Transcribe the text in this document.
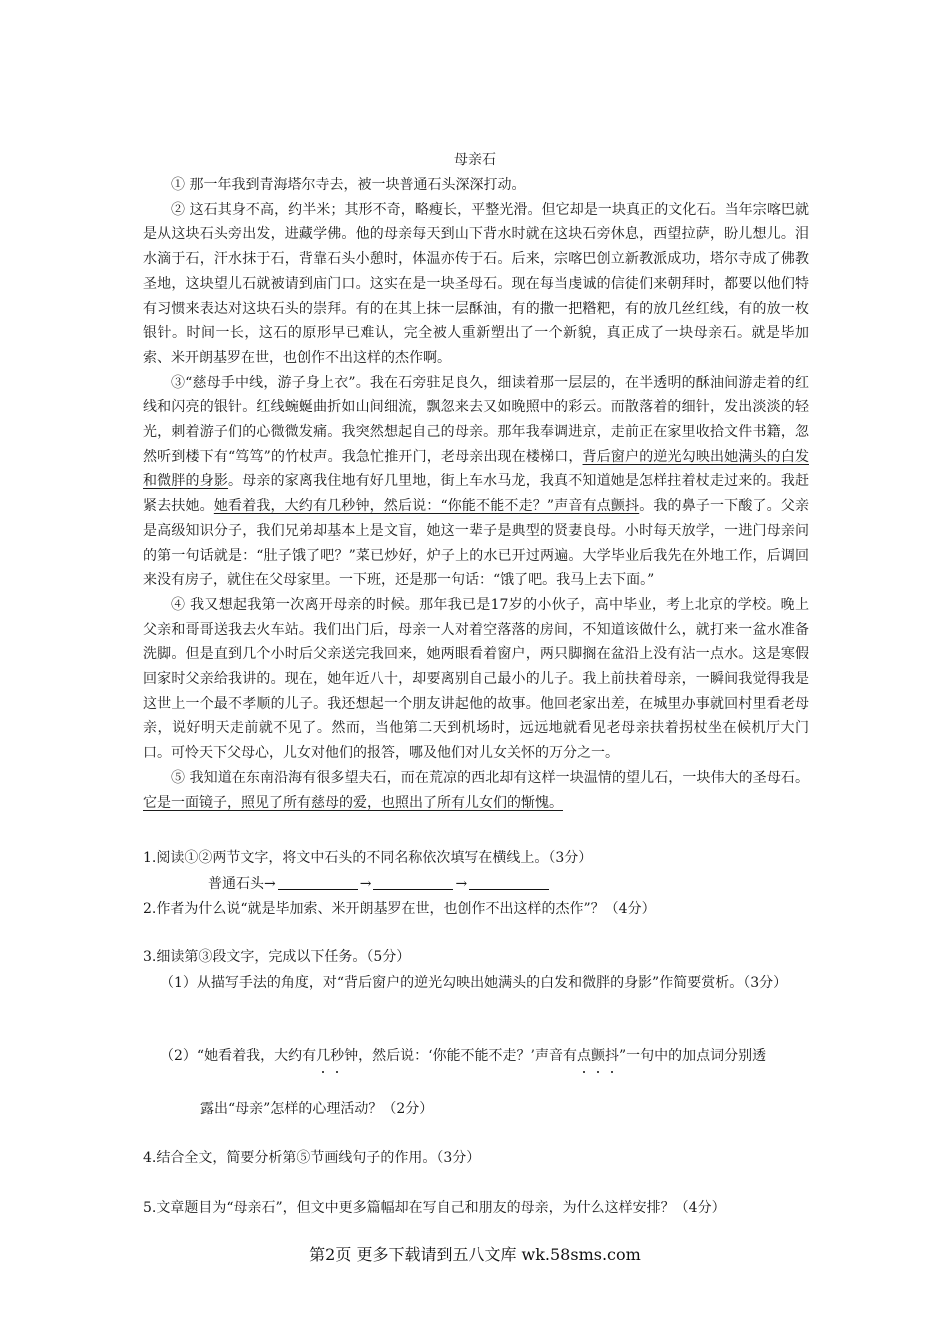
母亲石

① 那一年我到青海塔尔寺去，被一块普通石头深深打动。

② 这石其身不高，约半米；其形不奇，略瘦长，平整光滑。但它却是一块真正的文化石。当年宗喀巴就是从这块石头旁出发，进藏学佛。他的母亲每天到山下背水时就在这块石旁休息，西望拉萨，盼儿想儿。泪水滴于石，汗水抹于石，背靠石头小憩时，体温亦传于石。后来，宗喀巴创立新教派成功，塔尔寺成了佛教圣地，这块望儿石就被请到庙门口。这实在是一块圣母石。现在每当虔诚的信徒们来朝拜时，都要以他们特有习惯来表达对这块石头的崇拜。有的在其上抹一层酥油，有的撒一把糌粑，有的放几丝红线，有的放一枚银针。时间一长，这石的原形早已难认，完全被人重新塑出了一个新貌，真正成了一块母亲石。就是毕加索、米开朗基罗在世，也创作不出这样的杰作啊。

③“慈母手中线，游子身上衣”。我在石旁驻足良久，细读着那一层层的，在半透明的酥油间游走着的红线和闪亮的银针。红线蜿蜒曲折如山间细流，飘忽来去又如晚照中的彩云。而散落着的细针，发出淡淡的轻光，刺着游子们的心微微发痛。我突然想起自己的母亲。那年我奉调进京，走前正在家里收拾文件书籍，忽然听到楼下有“笃笃”的竹杖声。我急忙推开门，老母亲出现在楼梯口，背后窗户的逆光勾映出她满头的白发和微胖的身影。母亲的家离我住地有好几里地，街上车水马龙，我真不知道她是怎样拄着杖走过来的。我赶紧去扶她。她看着我，大约有几秒钟，然后说：“你能不能不走？”声音有点颤抖。我的鼻子一下酸了。父亲是高级知识分子，我们兄弟却基本上是文盲，她这一辈子是典型的贤妻良母。小时每天放学，一进门母亲问的第一句话就是：“肚子饿了吧？”菜已炒好，炉子上的水已开过两遍。大学毕业后我先在外地工作，后调回来没有房子，就住在父母家里。一下班，还是那一句话：“饿了吧。我马上去下面。”

④ 我又想起我第一次离开母亲的时候。那年我已是17岁的小伙子，高中毕业，考上北京的学校。晚上父亲和哥哥送我去火车站。我们出门后，母亲一人对着空落落的房间，不知道该做什么，就打来一盆水准备洗脚。但是直到几个小时后父亲送完我回来，她两眼看着窗户，两只脚搁在盆沿上没有沾一点水。这是寒假回家时父亲给我讲的。现在，她年近八十，却要离别自己最小的儿子。我上前扶着母亲，一瞬间我觉得我是这世上一个最不孝顺的儿子。我还想起一个朋友讲起他的故事。他回老家出差，在城里办事就回村里看老母亲，说好明天走前就不见了。然而，当他第二天到机场时，远远地就看见老母亲扶着拐杖坐在候机厅大门口。可怜天下父母心，儿女对他们的报答，哪及他们对儿女关怀的万分之一。

⑤ 我知道在东南沿海有很多望夫石，而在荒凉的西北却有这样一块温情的望儿石，一块伟大的圣母石。它是一面镜子，照见了所有慈母的爱，也照出了所有儿女们的惭愧。

1.阅读①②两节文字，将文中石头的不同名称依次填写在横线上。（3分）
普通石头→	→	→
2.作者为什么说“就是毕加索、米开朗基罗在世，也创作不出这样的杰作”？（4分）
3.细读第③段文字，完成以下任务。（5分）
（1）从描写手法的角度，对“背后窗户的逆光勾映出她满头的白发和微胖的身影”作简要赏析。（3分）
（2）“她看着我，大约有几秒钟，然后说：‘你能不能不走？’声音有点颤抖”一句中的加点词分别透
露出“母亲”怎样的心理活动？（2分）
4.结合全文，简要分析第⑤节画线句子的作用。（3分）
5.文章题目为“母亲石”，但文中更多篇幅却在写自己和朋友的母亲，为什么这样安排？（4分）
第2页 更多下载请到五八文库 wk.58sms.com
